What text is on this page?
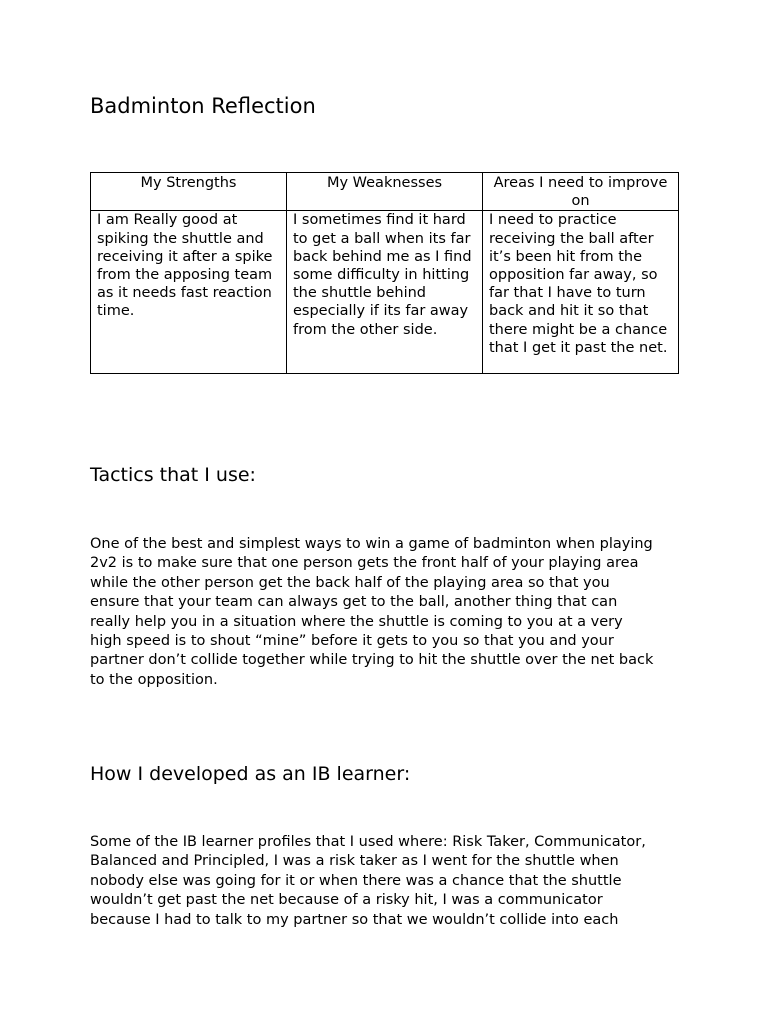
Badminton Reflection
My Strengths	My Weaknesses	Areas I need to improve on
I am Really good at spiking the shuttle and receiving it after a spike from the apposing team as it needs fast reaction time.	I sometimes find it hard to get a ball when its far back behind me as I find some difficulty in hitting the shuttle behind especially if its far away from the other side.	I need to practice receiving the ball after it’s been hit from the opposition far away, so far that I have to turn back and hit it so that there might be a chance that I get it past the net.
Tactics that I use:

One of the best and simplest ways to win a game of badminton when playing
2v2 is to make sure that one person gets the front half of your playing area
while the other person get the back half of the playing area so that you
ensure that your team can always get to the ball, another thing that can
really help you in a situation where the shuttle is coming to you at a very
high speed is to shout “mine” before it gets to you so that you and your
partner don’t collide together while trying to hit the shuttle over the net back
to the opposition.

How I developed as an IB learner:

Some of the IB learner profiles that I used where: Risk Taker, Communicator,
Balanced and Principled, I was a risk taker as I went for the shuttle when
nobody else was going for it or when there was a chance that the shuttle
wouldn’t get past the net because of a risky hit, I was a communicator
because I had to talk to my partner so that we wouldn’t collide into each
